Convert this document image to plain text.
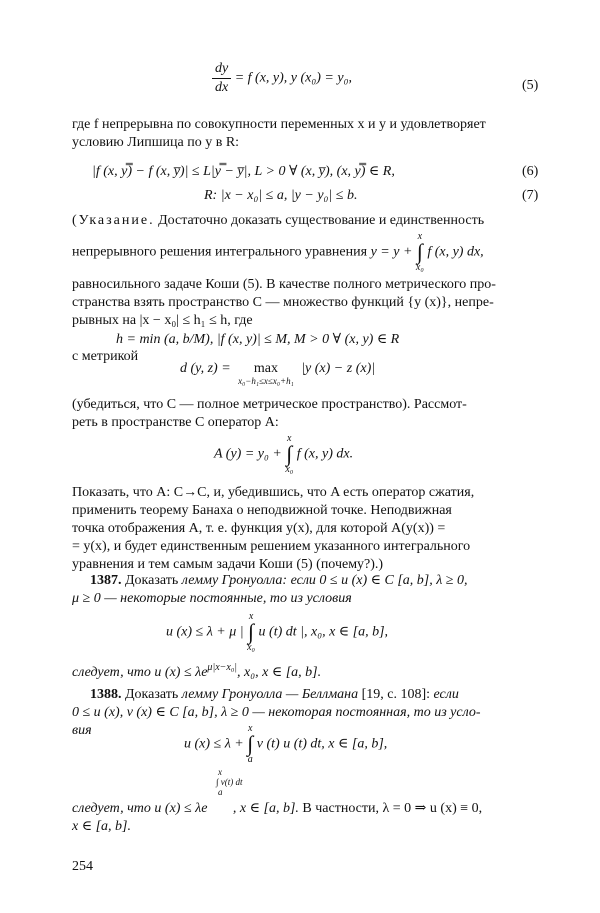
$\frac{dy}{dx} = f$ (x, y), y (x₀) = y₀,	(5)
где f непрерывна по совокупности переменных x и y и удовлетворяет
условию Липшица по y в R:
|f (x, y̿) − f (x, y̅)| ≤ L|y̿ − y̅|, L > 0 ∀ (x, y̅), (x, y̿) ∈ R,	(6)
R: |x − x₀| ≤ a, |y − y₀| ≤ b.	(7)
(Указание. Достаточно доказать существование и единственность
непрерывного решения интегрального уравнения y = y +
x
∫
x₀
f (x, y) dx,
равносильного задаче Коши (5). В качестве полного метрического про-
странства взять пространство C — множество функций {y (x)}, непре-
рывных на |x − x₀| ≤ h₁ ≤ h, где
h = min (a, b/M), |f (x, y)| ≤ M, M > 0 ∀ (x, y) ∈ R
с метрикой
d (y, z) =	max
x₀−h₁≤x≤x₀+h₁
|y (x) − z (x)|
(убедиться, что C — полное метрическое пространство). Рассмот-
реть в пространстве C оператор A:
A (y) = y₀ +
x
∫
x₀
f (x, y) dx.
Показать, что A: C→C, и, убедившись, что A есть оператор сжатия,
применить теорему Банаха о неподвижной точке. Неподвижная
точка отображения A, т. е. функция y(x), для которой A(y(x)) =
= y(x), и будет единственным решением указанного интегрального
уравнения и тем самым задачи Коши (5) (почему?).)
1387. Доказать лемму Гронуолла: если 0 ≤ u (x) ∈ C [a, b], λ ≥ 0,
μ ≥ 0 — некоторые постоянные, то из условия
u (x) ≤ λ + μ |
x
∫
x₀
u (t) dt |, x₀, x ∈ [a, b],
следует, что u $(x) \le \lambda e^{\mu|x-x_0|}$, x₀, x ∈ [a, b].
1388. Доказать лемму Гронуолла — Беллмана [19, с. 108]: если
0 ≤ u (x), v (x) ∈ C [a, b], λ ≥ 0 — некоторая постоянная, то из усло-
вия
u (x) ≤ λ +
x
∫
a
v (t) u (t) dt, x ∈ [a, b],
x
∫ v(t) dt
a
следует, что u (x) ≤ λe , x ∈ [a, b]. В частности, λ = 0 ⇒ u (x) ≡ 0,
x ∈ [a, b].
254
